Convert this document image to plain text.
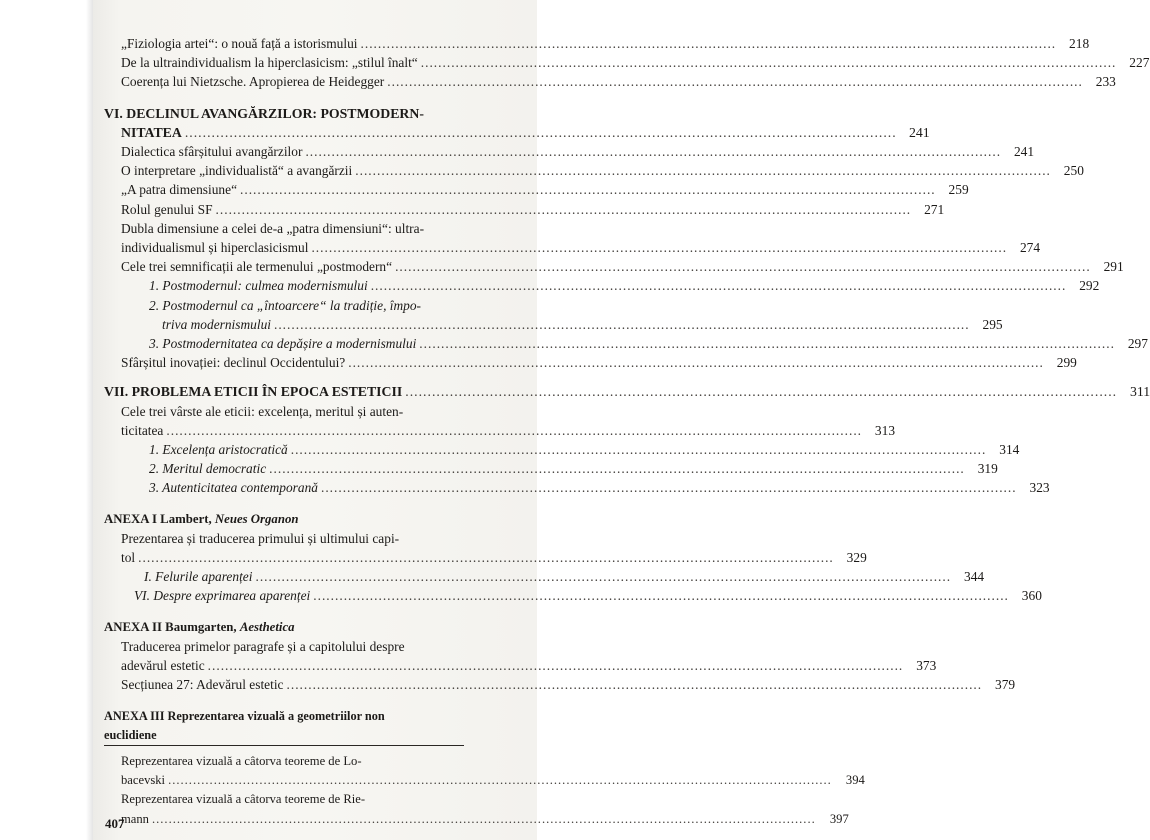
„Fiziologia artei“: o nouă față a istorismului .....	218
De la ultraindividualism la hiperclasicism: „stilul înalt“ .....	227
Coerența lui Nietzsche. Apropierea de Heidegger .....	233
VI. DECLINUL AVANGĂRZILOR: POSTMODERN-
NITATEA .....	241
Dialectica sfârșitului avangărzilor .....	241
O interpretare „individualistă“ a avangărzii .....	250
„A patra dimensiune“ .....	259
Rolul genului SF .....	271
Dubla dimensiune a celei de-a „patra dimensiuni“: ultra-
individualismul și hiperclasicismul .....	274
Cele trei semnificații ale termenului „postmodern“ .....	291
1. Postmodernul: culmea modernismului .....	292
2. Postmodernul ca „întoarcere“ la tradiție, împo-
triva modernismului .....	295
3. Postmodernitatea ca depășire a modernismului .....	297
Sfârșitul inovației: declinul Occidentului? .....	299
VII. PROBLEMA ETICII ÎN EPOCA ESTETICII .....	311
Cele trei vârste ale eticii: excelența, meritul și auten-
ticitatea .....	313
1. Excelența aristocratică .....	314
2. Meritul democratic .....	319
3. Autenticitatea contemporană .....	323
ANEXA I Lambert, Neues Organon
Prezentarea și traducerea primului și ultimului capi-
tol .....	329
I. Felurile aparenței .....	344
VI. Despre exprimarea aparenței .....	360
ANEXA II Baumgarten, Aesthetica
Traducerea primelor paragrafe și a capitolului despre
adevărul estetic .....	373
Secțiunea 27: Adevărul estetic .....	379
ANEXA III Reprezentarea vizuală a geometriilor non
euclidiene
Reprezentarea vizuală a câtorva teoreme de Lo-
bacevski .....	394
Reprezentarea vizuală a câtorva teoreme de Rie-
mann .....	397
407
